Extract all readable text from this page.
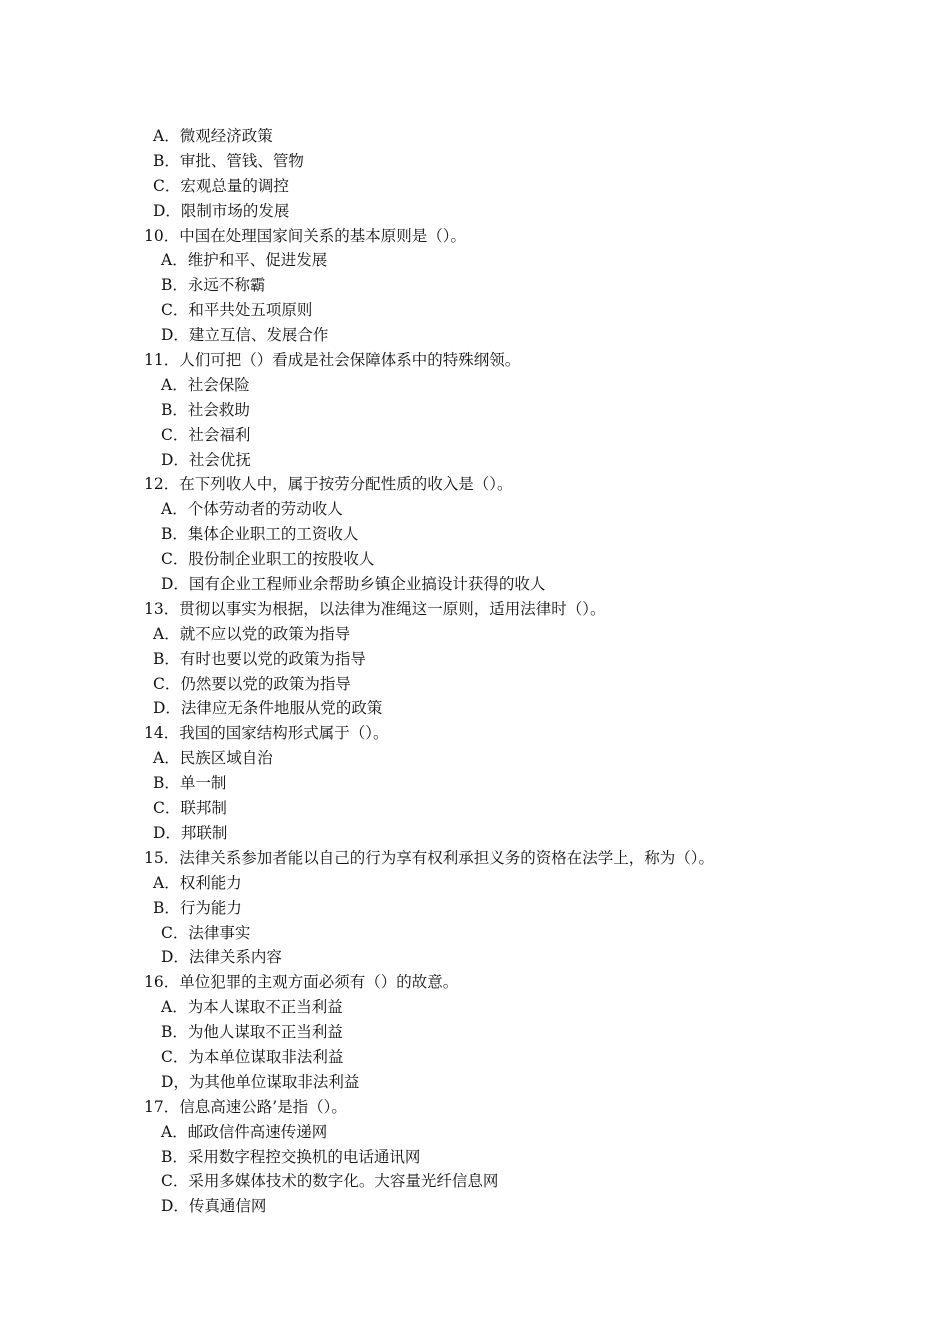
A．微观经济政策
B．审批、管钱、管物
C．宏观总量的调控
D．限制市场的发展
10．中国在处理国家间关系的基本原则是（）。
A．维护和平、促进发展
B．永远不称霸
C．和平共处五项原则
D．建立互信、发展合作
11．人们可把（）看成是社会保障体系中的特殊纲领。
A．社会保险
B．社会救助
C．社会福利
D．社会优抚
12．在下列收人中，属于按劳分配性质的收入是（）。
A．个体劳动者的劳动收人
B．集体企业职工的工资收人
C．股份制企业职工的按股收人
D．国有企业工程师业余帮助乡镇企业搞设计获得的收人
13．贯彻以事实为根据，以法律为准绳这一原则，适用法律时（）。
A．就不应以党的政策为指导
B．有时也要以党的政策为指导
C．仍然要以党的政策为指导
D．法律应无条件地服从党的政策
14．我国的国家结构形式属于（）。
A．民族区域自治
B．单一制
C．联邦制
D．邦联制
15．法律关系参加者能以自己的行为享有权利承担义务的资格在法学上，称为（）。
A．权利能力
B．行为能力
C．法律事实
D．法律关系内容
16．单位犯罪的主观方面必须有（）的故意。
A．为本人谋取不正当利益
B．为他人谋取不正当利益
C．为本单位谋取非法利益
D，为其他单位谋取非法利益
17．信息高速公路’是指（）。
A．邮政信件高速传递网
B．采用数字程控交换机的电话通讯网
C．采用多媒体技术的数字化。大容量光纤信息网
D．传真通信网
